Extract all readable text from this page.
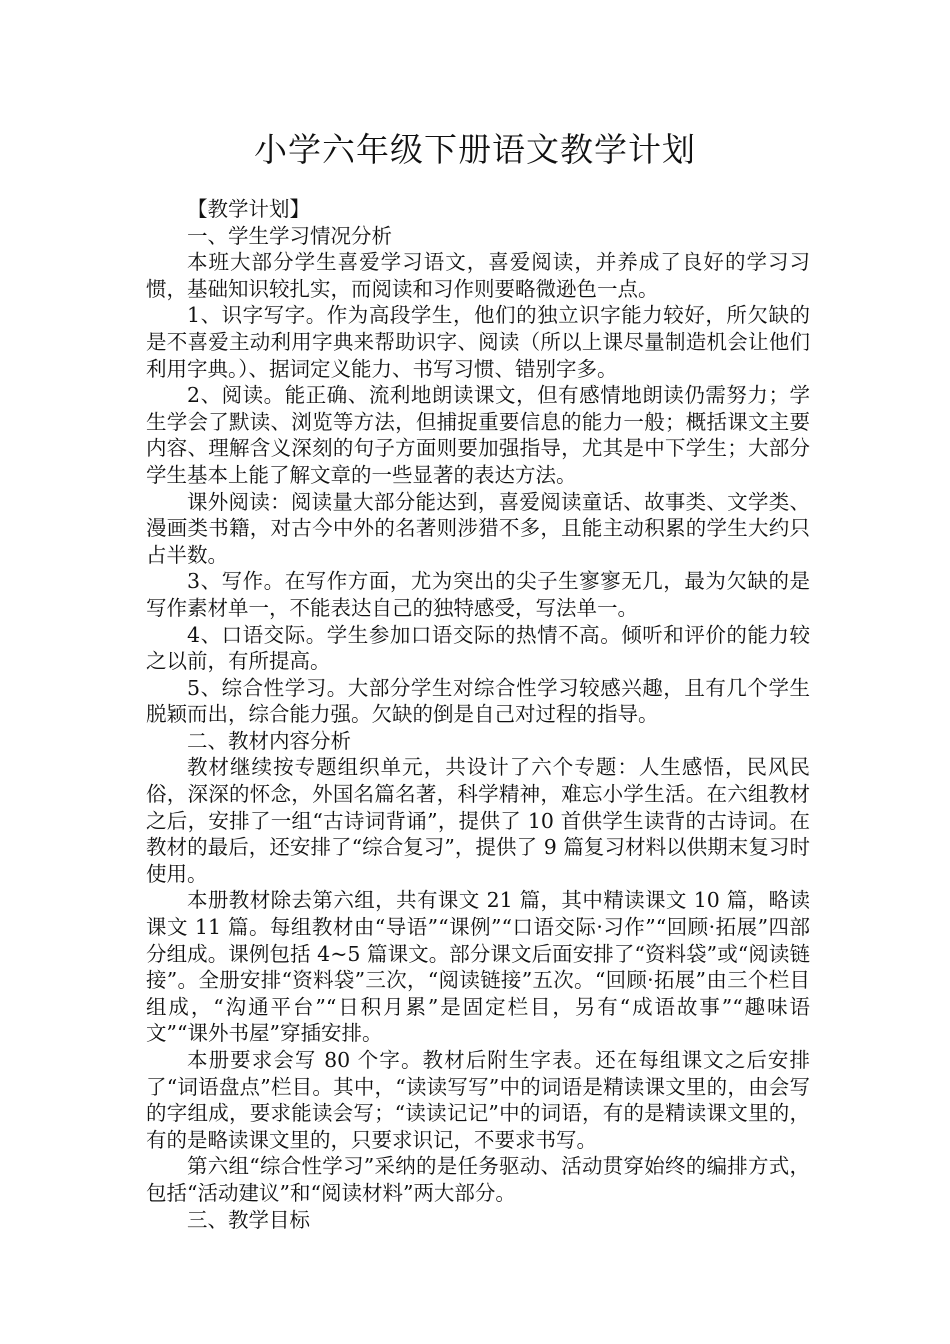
小学六年级下册语文教学计划

【教学计划】

一、学生学习情况分析

本班大部分学生喜爱学习语文，喜爱阅读，并养成了良好的学习习惯，基础知识较扎实，而阅读和习作则要略微逊色一点。

1、识字写字。作为高段学生，他们的独立识字能力较好，所欠缺的是不喜爱主动利用字典来帮助识字、阅读（所以上课尽量制造机会让他们利用字典。）、据词定义能力、书写习惯、错别字多。

2、阅读。能正确、流利地朗读课文，但有感情地朗读仍需努力；学生学会了默读、浏览等方法，但捕捉重要信息的能力一般；概括课文主要内容、理解含义深刻的句子方面则要加强指导，尤其是中下学生；大部分学生基本上能了解文章的一些显著的表达方法。

课外阅读：阅读量大部分能达到，喜爱阅读童话、故事类、文学类、漫画类书籍，对古今中外的名著则涉猎不多，且能主动积累的学生大约只占半数。

3、写作。在写作方面，尤为突出的尖子生寥寥无几，最为欠缺的是写作素材单一，不能表达自己的独特感受，写法单一。

4、口语交际。学生参加口语交际的热情不高。倾听和评价的能力较之以前，有所提高。

5、综合性学习。大部分学生对综合性学习较感兴趣，且有几个学生脱颖而出，综合能力强。欠缺的倒是自己对过程的指导。

二、教材内容分析

教材继续按专题组织单元，共设计了六个专题：人生感悟，民风民俗，深深的怀念，外国名篇名著，科学精神，难忘小学生活。在六组教材之后，安排了一组“古诗词背诵”，提供了 10 首供学生读背的古诗词。在教材的最后，还安排了“综合复习”，提供了 9 篇复习材料以供期末复习时使用。

本册教材除去第六组，共有课文 21 篇，其中精读课文 10 篇，略读课文 11 篇。每组教材由“导语”“课例”“口语交际·习作”“回顾·拓展”四部分组成。课例包括 4~5 篇课文。部分课文后面安排了“资料袋”或“阅读链接”。全册安排“资料袋”三次，“阅读链接”五次。“回顾·拓展”由三个栏目组成，“沟通平台”“日积月累”是固定栏目，另有“成语故事”“趣味语文”“课外书屋”穿插安排。

本册要求会写 80 个字。教材后附生字表。还在每组课文之后安排了“词语盘点”栏目。其中，“读读写写”中的词语是精读课文里的，由会写的字组成，要求能读会写；“读读记记”中的词语，有的是精读课文里的，有的是略读课文里的，只要求识记，不要求书写。

第六组“综合性学习”采纳的是任务驱动、活动贯穿始终的编排方式，包括“活动建议”和“阅读材料”两大部分。

三、教学目标
